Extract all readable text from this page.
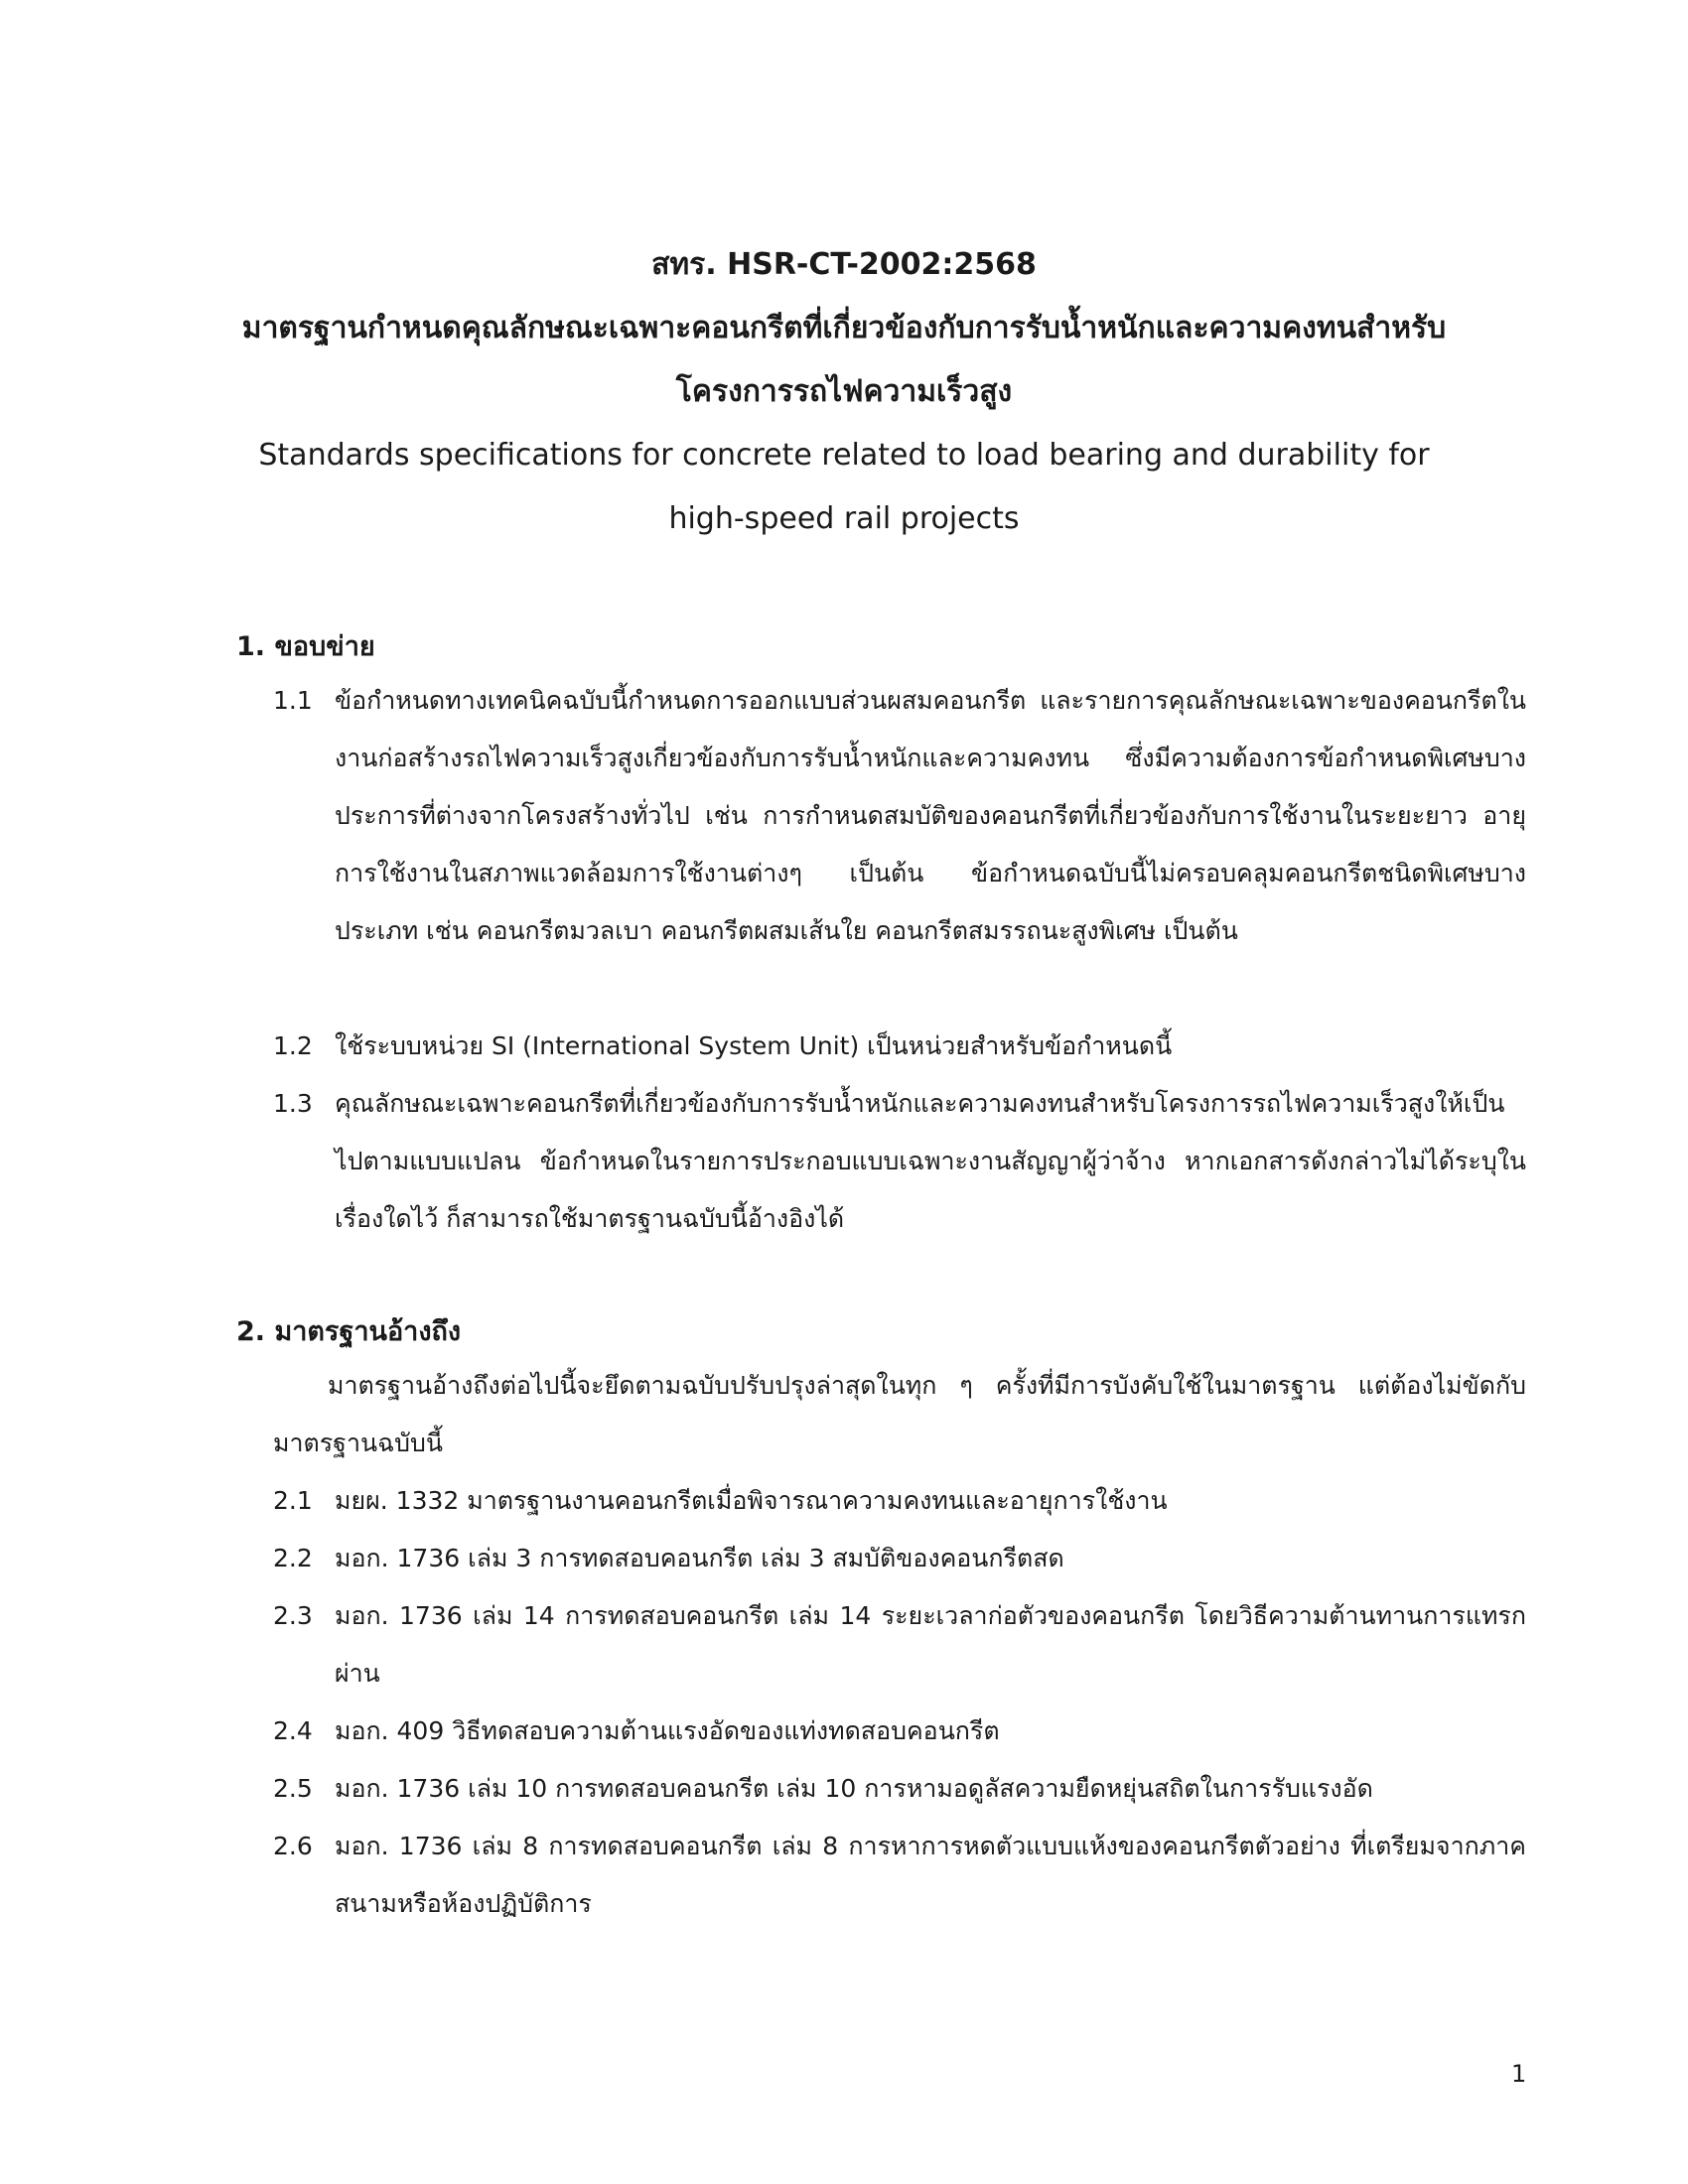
สทร. HSR-CT-2002:2568
มาตรฐานกำหนดคุณลักษณะเฉพาะคอนกรีตที่เกี่ยวข้องกับการรับน้ำหนักและความคงทนสำหรับ
โครงการรถไฟความเร็วสูง
Standards specifications for concrete related to load bearing and durability for
high-speed rail projects
1. ขอบข่าย
1.1 ข้อกำหนดทางเทคนิคฉบับนี้กำหนดการออกแบบส่วนผสมคอนกรีต และรายการคุณลักษณะเฉพาะของคอนกรีตในงานก่อสร้างรถไฟความเร็วสูงเกี่ยวข้องกับการรับน้ำหนักและความคงทน ซึ่งมีความต้องการข้อกำหนดพิเศษบางประการที่ต่างจากโครงสร้างทั่วไป เช่น การกำหนดสมบัติของคอนกรีตที่เกี่ยวข้องกับการใช้งานในระยะยาว อายุการใช้งานในสภาพแวดล้อมการใช้งานต่างๆ เป็นต้น ข้อกำหนดฉบับนี้ไม่ครอบคลุมคอนกรีตชนิดพิเศษบางประเภท เช่น คอนกรีตมวลเบา คอนกรีตผสมเส้นใย คอนกรีตสมรรถนะสูงพิเศษ เป็นต้น
1.2 ใช้ระบบหน่วย SI (International System Unit) เป็นหน่วยสำหรับข้อกำหนดนี้
1.3 คุณลักษณะเฉพาะคอนกรีตที่เกี่ยวข้องกับการรับน้ำหนักและความคงทนสำหรับโครงการรถไฟความเร็วสูงให้เป็นไปตามแบบแปลน ข้อกำหนดในรายการประกอบแบบเฉพาะงานสัญญาผู้ว่าจ้าง หากเอกสารดังกล่าวไม่ได้ระบุในเรื่องใดไว้ ก็สามารถใช้มาตรฐานฉบับนี้อ้างอิงได้
2. มาตรฐานอ้างถึง
มาตรฐานอ้างถึงต่อไปนี้จะยึดตามฉบับปรับปรุงล่าสุดในทุก ๆ ครั้งที่มีการบังคับใช้ในมาตรฐาน แต่ต้องไม่ขัดกับมาตรฐานฉบับนี้
2.1 มยผ. 1332 มาตรฐานงานคอนกรีตเมื่อพิจารณาความคงทนและอายุการใช้งาน
2.2 มอก. 1736 เล่ม 3 การทดสอบคอนกรีต เล่ม 3 สมบัติของคอนกรีตสด
2.3 มอก. 1736 เล่ม 14 การทดสอบคอนกรีต เล่ม 14 ระยะเวลาก่อตัวของคอนกรีต โดยวิธีความต้านทานการแทรกผ่าน
2.4 มอก. 409 วิธีทดสอบความต้านแรงอัดของแท่งทดสอบคอนกรีต
2.5 มอก. 1736 เล่ม 10 การทดสอบคอนกรีต เล่ม 10 การหามอดูลัสความยืดหยุ่นสถิตในการรับแรงอัด
2.6 มอก. 1736 เล่ม 8 การทดสอบคอนกรีต เล่ม 8 การหาการหดตัวแบบแห้งของคอนกรีตตัวอย่าง ที่เตรียมจากภาคสนามหรือห้องปฏิบัติการ
1
